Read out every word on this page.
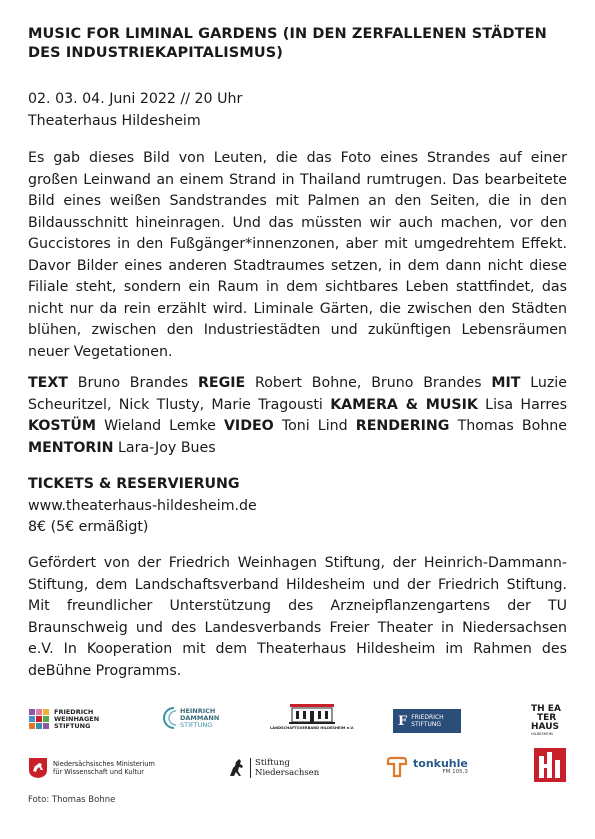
MUSIC FOR LIMINAL GARDENS (IN DEN ZERFALLENEN STÄDTEN DES INDUSTRIEKAPITALISMUS)
02. 03. 04. Juni 2022 // 20 Uhr
Theaterhaus Hildesheim
Es gab dieses Bild von Leuten, die das Foto eines Strandes auf einer großen Leinwand an einem Strand in Thailand rumtrugen. Das bearbeitete Bild eines weißen Sandstrandes mit Palmen an den Seiten, die in den Bildausschnitt hineinragen. Und das müssten wir auch machen, vor den Guccistores in den Fußgänger*innenzonen, aber mit umgedrehtem Effekt. Davor Bilder eines anderen Stadtraumes setzen, in dem dann nicht diese Filiale steht, sondern ein Raum in dem sichtbares Leben stattfindet, das nicht nur da rein erzählt wird. Liminale Gärten, die zwischen den Städten blühen, zwischen den Industriestädten und zukünftigen Lebensräumen neuer Vegetationen.
TEXT Bruno Brandes REGIE Robert Bohne, Bruno Brandes MIT Luzie Scheuritzel, Nick Tlusty, Marie Tragousti KAMERA & MUSIK Lisa Harres KOSTÜM Wieland Lemke VIDEO Toni Lind RENDERING Thomas Bohne MENTORIN Lara-Joy Bues
TICKETS & RESERVIERUNG
www.theaterhaus-hildesheim.de
8€ (5€ ermäßigt)
Gefördert von der Friedrich Weinhagen Stiftung, der Heinrich-Dammann-Stiftung, dem Landschaftsverband Hildesheim und der Friedrich Stiftung. Mit freundlicher Unterstützung des Arzneipflanzengartens der TU Braunschweig und des Landesverbands Freier Theater in Niedersachsen e.V. In Kooperation mit dem Theaterhaus Hildesheim im Rahmen des deBühne Programms.
FRIEDRICH
WEINHAGEN
STIFTUNG
HEINRICH
DAMMANN
STIFTUNG	LANDSCHAFTSVERBAND HILDESHEIM e.V.	F FRIEDRICH
STIFTUNG
TH EA
TER
HAUS
HILDESHEIM
Niedersächsisches Ministerium
für Wissenschaft und Kultur
Stiftung
Niedersachsen
tonkuhle
FM 105,3
Foto: Thomas Bohne
